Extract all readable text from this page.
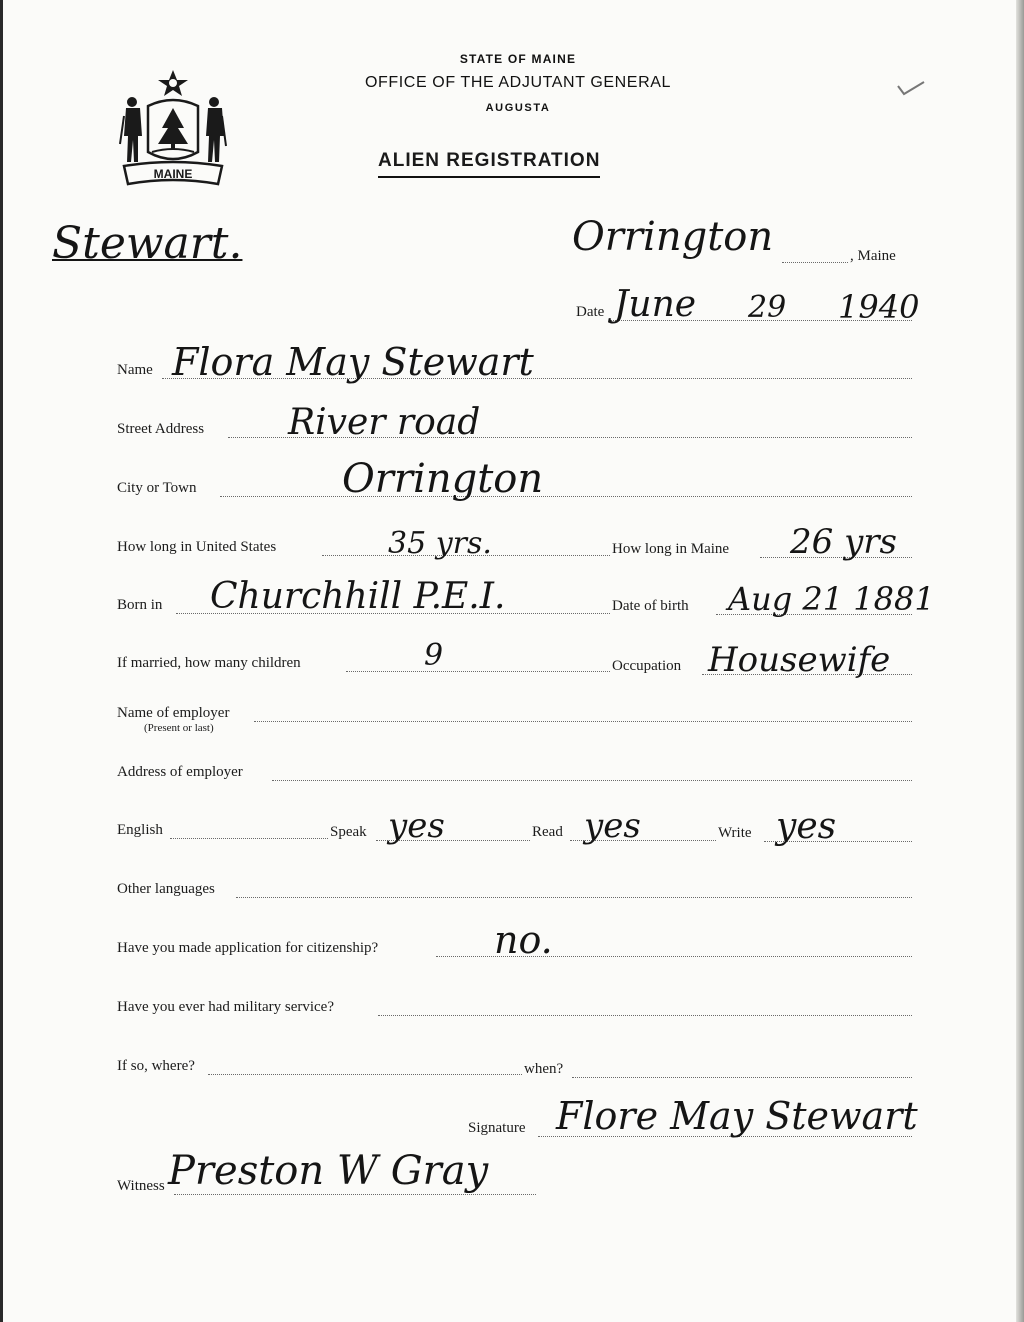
MAINE
STATE OF MAINE
OFFICE OF THE ADJUTANT GENERAL
AUGUSTA
ALIEN REGISTRATION
Stewart.	Orrington	, Maine
Date June 29 1940
Name Flora May Stewart
Street Address River road
City or Town	Orrington
How long in United States	35 yrs.	How long in Maine 26 yrs
Born in Churchhill P.E.I.	Date of birth Aug 21 1881
If married, how many children	9	Occupation Housewife
Name of employer
(Present or last)
Address of employer
English	Speak yes	Read yes	Write yes
Other languages
Have you made application for citizenship?	no.
Have you ever had military service?
If so, where?	when?
Signature Flore May Stewart
Witness Preston W Gray
